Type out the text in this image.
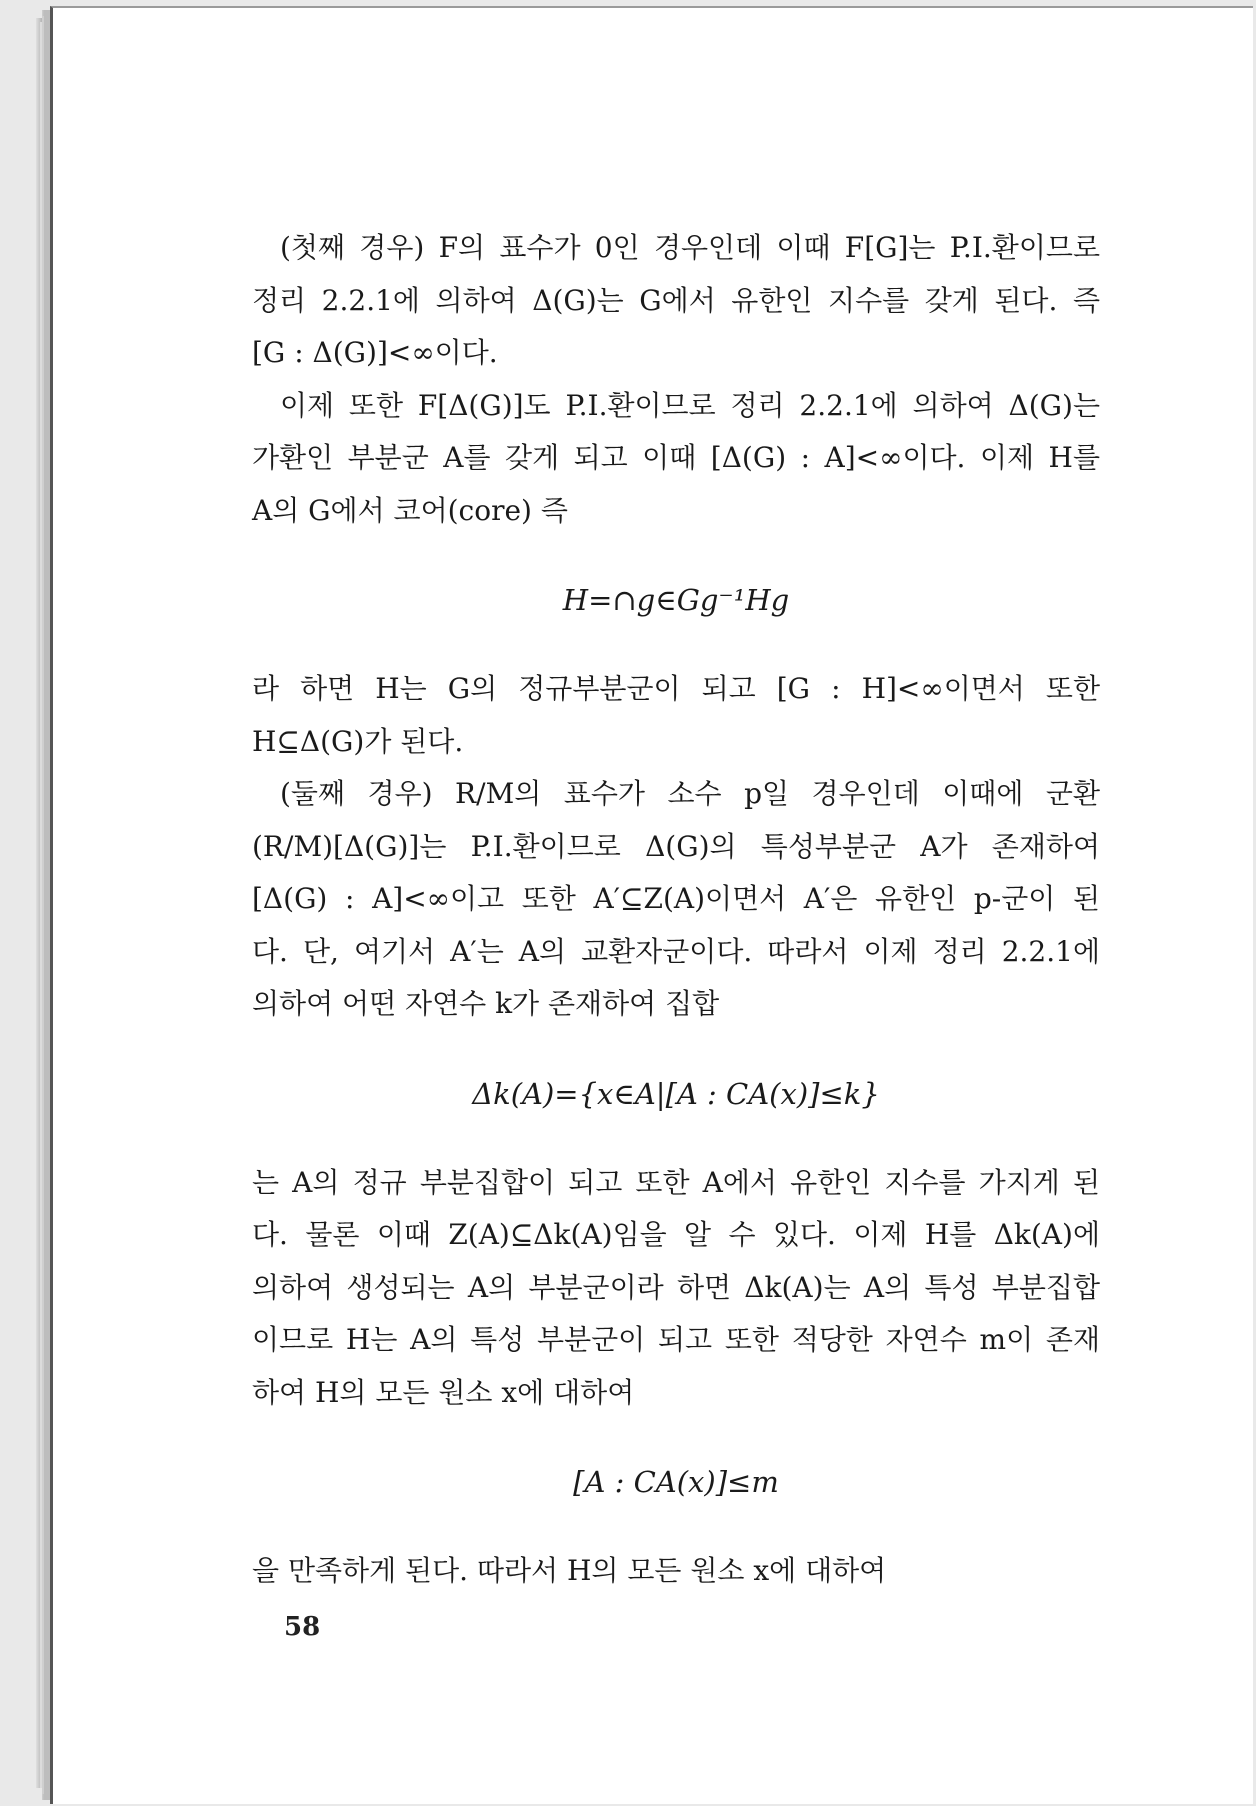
(첫째 경우) F의 표수가 0인 경우인데 이때 F[G]는 P.I.환이므로

정리 2.2.1에 의하여 Δ(G)는 G에서 유한인 지수를 갖게 된다. 즉

[G : Δ(G)]<∞이다.

이제 또한 F[Δ(G)]도 P.I.환이므로 정리 2.2.1에 의하여 Δ(G)는

가환인 부분군 A를 갖게 되고 이때 [Δ(G) : A]<∞이다. 이제 H를

A의 G에서 코어(core) 즉

H=∩g∈Gg⁻¹Hg

라 하면 H는 G의 정규부분군이 되고 [G : H]<∞이면서 또한

H⊆Δ(G)가 된다.

(둘째 경우) R/M의 표수가 소수 p일 경우인데 이때에 군환

(R/M)[Δ(G)]는 P.I.환이므로 Δ(G)의 특성부분군 A가 존재하여

[Δ(G) : A]<∞이고 또한 A′⊆Z(A)이면서 A′은 유한인 p-군이 된

다. 단, 여기서 A′는 A의 교환자군이다. 따라서 이제 정리 2.2.1에

의하여 어떤 자연수 k가 존재하여 집합

Δk(A)={x∈A|[A : CA(x)]≤k}

는 A의 정규 부분집합이 되고 또한 A에서 유한인 지수를 가지게 된

다. 물론 이때 Z(A)⊆Δk(A)임을 알 수 있다. 이제 H를 Δk(A)에

의하여 생성되는 A의 부분군이라 하면 Δk(A)는 A의 특성 부분집합

이므로 H는 A의 특성 부분군이 되고 또한 적당한 자연수 m이 존재

하여 H의 모든 원소 x에 대하여

[A : CA(x)]≤m

을 만족하게 된다. 따라서 H의 모든 원소 x에 대하여

58
